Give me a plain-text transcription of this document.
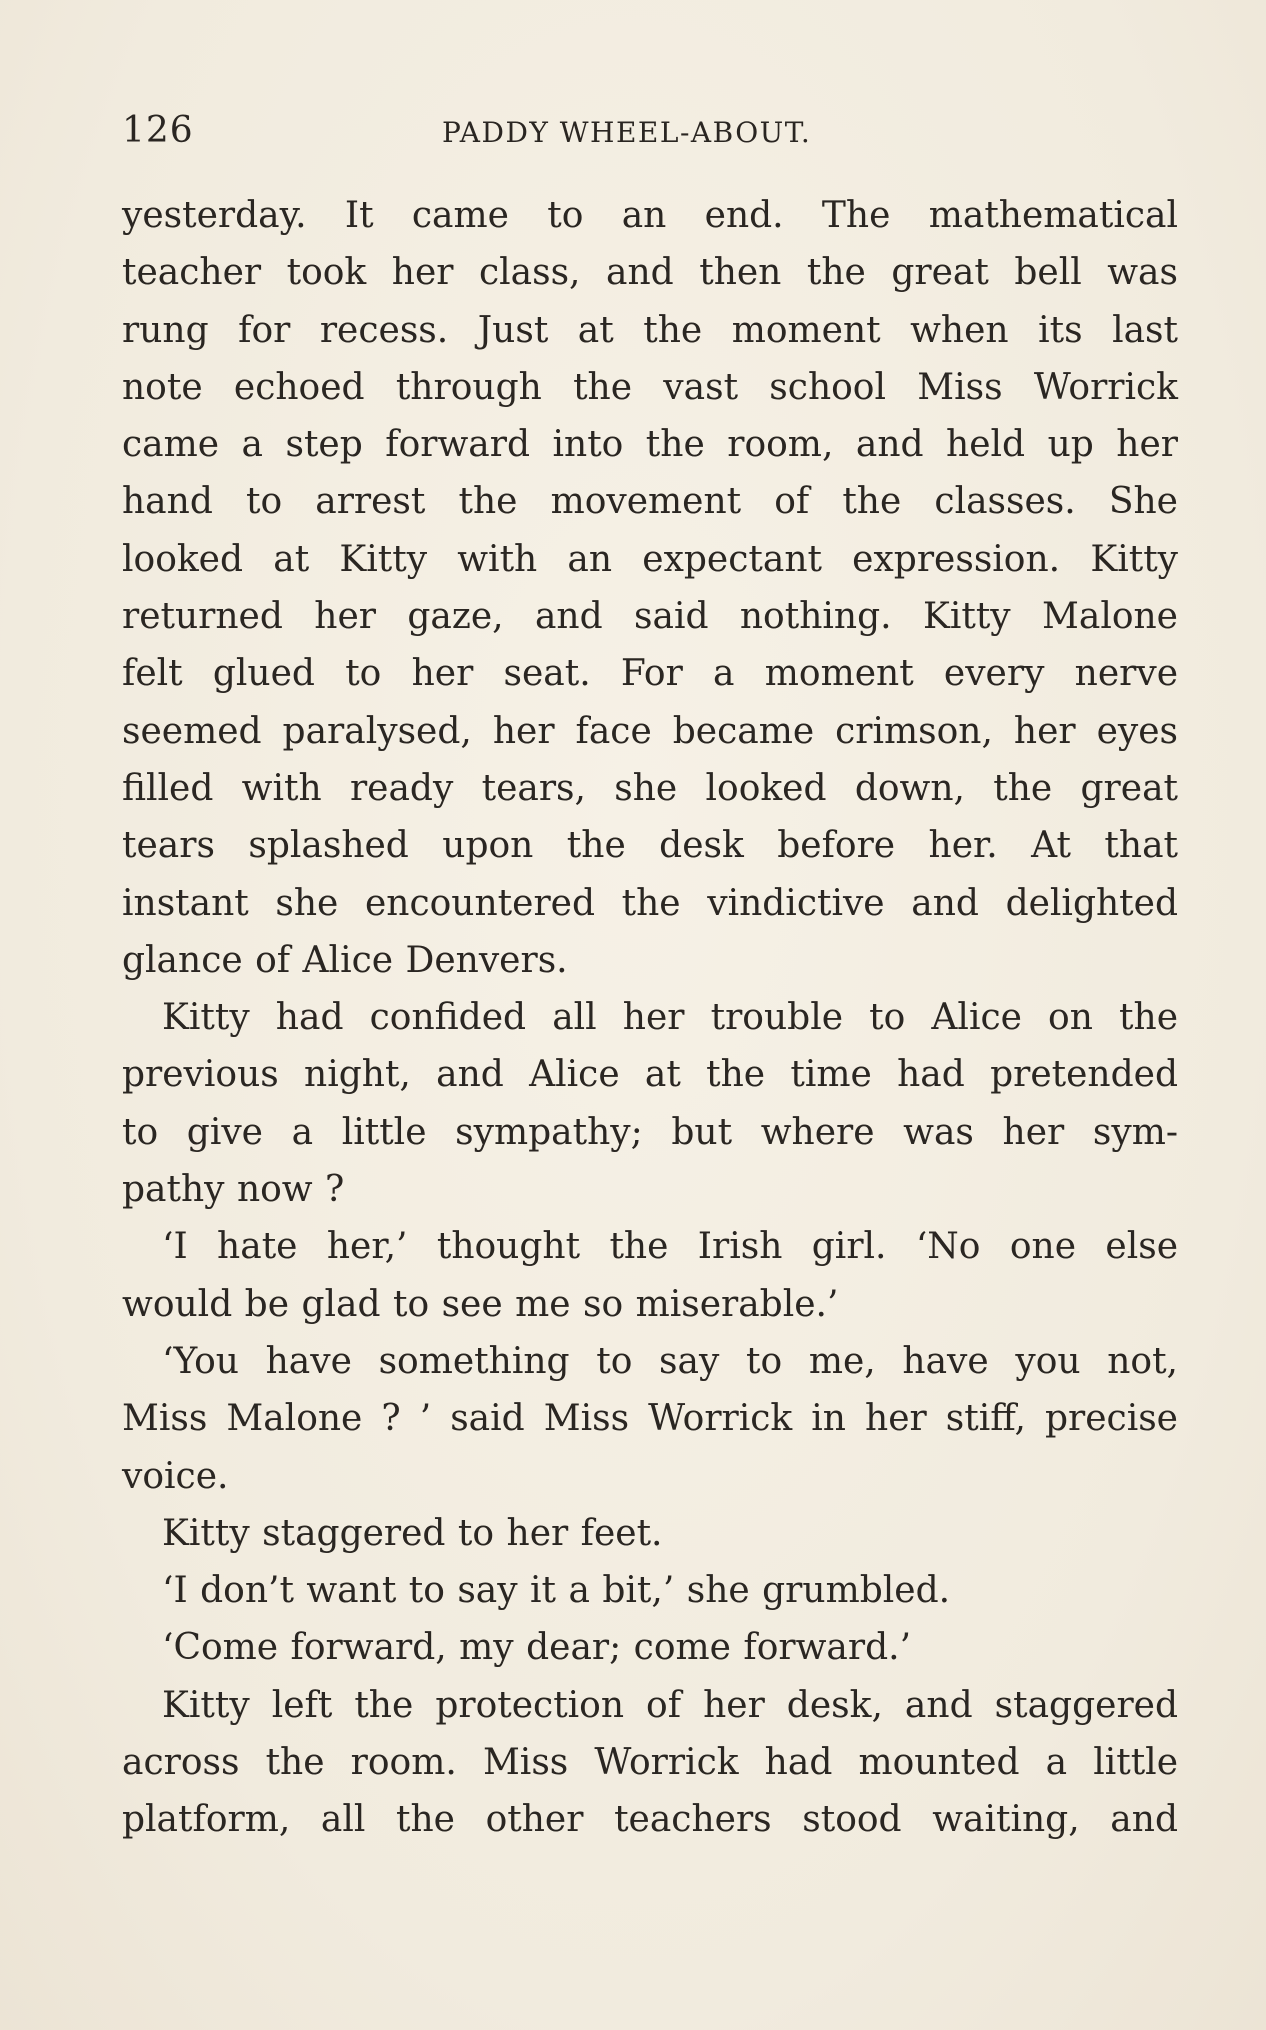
126	PADDY WHEEL-ABOUT.
yesterday. It came to an end. The mathematical
teacher took her class, and then the great bell was
rung for recess. Just at the moment when its last
note echoed through the vast school Miss Worrick
came a step forward into the room, and held up her
hand to arrest the movement of the classes. She
looked at Kitty with an expectant expression. Kitty
returned her gaze, and said nothing. Kitty Malone
felt glued to her seat. For a moment every nerve
seemed paralysed, her face became crimson, her eyes
filled with ready tears, she looked down, the great
tears splashed upon the desk before her. At that
instant she encountered the vindictive and delighted
glance of Alice Denvers.
Kitty had confided all her trouble to Alice on the
previous night, and Alice at the time had pretended
to give a little sympathy; but where was her sym-
pathy now ?
‘I hate her,’ thought the Irish girl. ‘No one else
would be glad to see me so miserable.’
‘You have something to say to me, have you not,
Miss Malone ? ’ said Miss Worrick in her stiff, precise
voice.
Kitty staggered to her feet.
‘I don’t want to say it a bit,’ she grumbled.
‘Come forward, my dear; come forward.’
Kitty left the protection of her desk, and staggered
across the room. Miss Worrick had mounted a little
platform, all the other teachers stood waiting, and
